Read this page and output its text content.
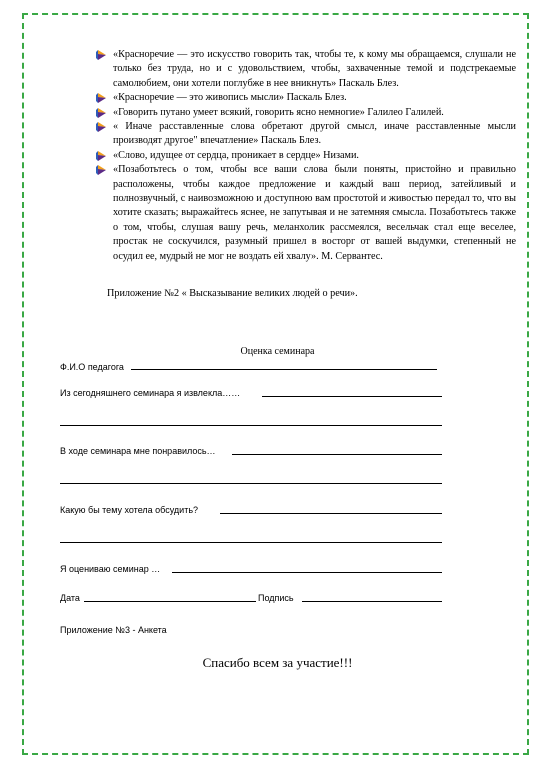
«Красноречие — это искусство говорить так, чтобы те, к кому мы обращаемся, слушали не только без труда, но и с удовольствием, чтобы, захваченные темой и подстрекаемые самолюбием, они хотели поглубже в нее вникнуть» Паскаль Блез.
«Красноречие — это живопись мысли» Паскаль Блез.
«Говорить путано умеет всякий, говорить ясно немногие» Галилео Галилей.
« Иначе расставленные слова обретают другой смысл, иначе расставленные мысли производят другое" впечатление» Паскаль Блез.
«Слово, идущее от сердца, проникает в сердце» Низами.
«Позаботьтесь о том, чтобы все ваши слова были поняты, пристойно и правильно расположены, чтобы каждое предложение и каждый ваш период, затейливый и полнозвучный, с наивозможною и доступною вам простотой и живостью передал то, что вы хотите сказать; выражайтесь яснее, не запутывая и не затемняя смысла. Позаботьтесь также о том, чтобы, слушая вашу речь, меланхолик рассмеялся, весельчак стал еще веселее, простак не соскучился, разумный пришел в восторг от вашей выдумки, степенный не осудил ее, мудрый не мог не воздать ей хвалу». М. Сервантес.
Приложение №2 « Высказывание великих людей о речи».
Оценка семинара
Ф.И.О педагога
Из сегодняшнего семинара я извлекла……
В ходе семинара мне понравилось…
Какую бы тему хотела обсудить?
Я оцениваю семинар …
Дата	Подпись
Приложение №3 - Анкета
Спасибо всем за участие!!!
